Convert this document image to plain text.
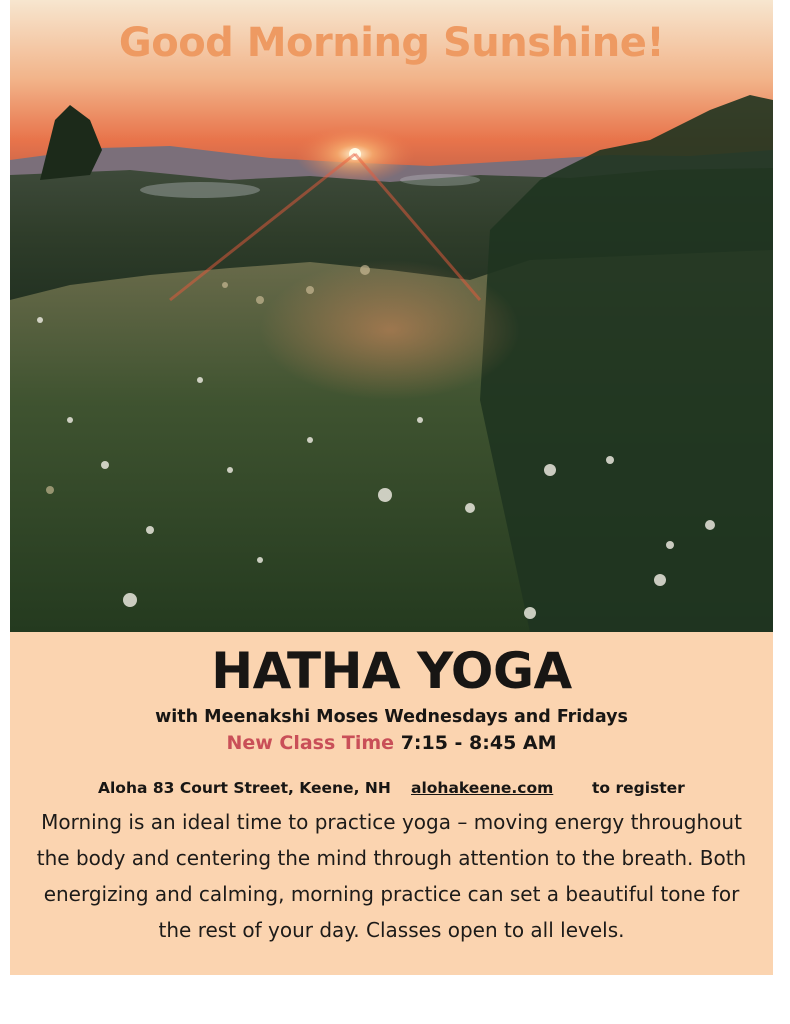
Good Morning Sunshine!
HATHA YOGA
with Meenakshi Moses Wednesdays and Fridays
New Class Time 7:15 - 8:45 AM
Aloha 83 Court Street, Keene, NH alohakeene.com to register
Morning is an ideal time to practice yoga – moving energy throughout the body and centering the mind through attention to the breath. Both energizing and calming, morning practice can set a beautiful tone for the rest of your day. Classes open to all levels.
